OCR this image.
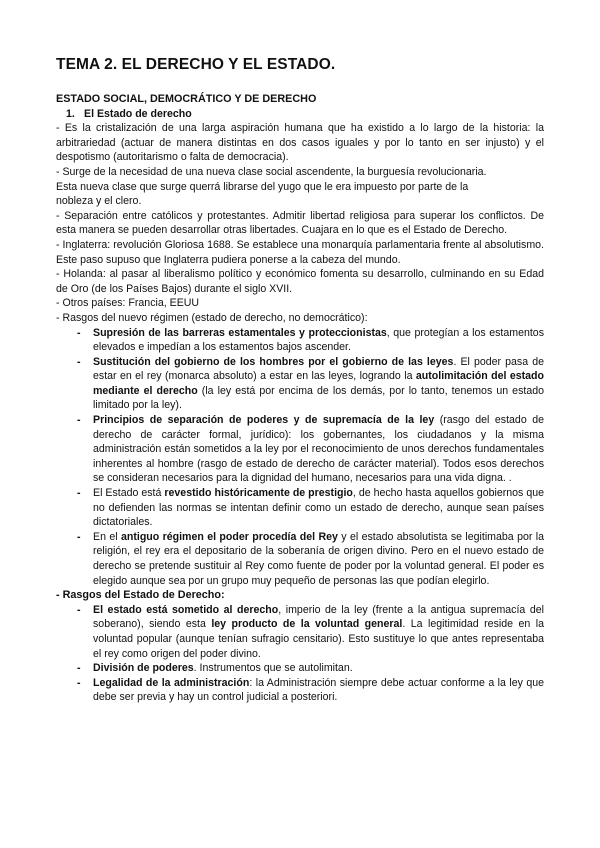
TEMA 2. EL DERECHO Y EL ESTADO.

ESTADO SOCIAL, DEMOCRÁTICO Y DE DERECHO

1. El Estado de derecho

- Es la cristalización de una larga aspiración humana que ha existido a lo largo de la historia: la arbitrariedad (actuar de manera distintas en dos casos iguales y por lo tanto en ser injusto) y el despotismo (autoritarismo o falta de democracia).

- Surge de la necesidad de una nueva clase social ascendente, la burguesía revolucionaria.

Esta nueva clase que surge querrá librarse del yugo que le era impuesto por parte de la

nobleza y el clero.

- Separación entre católicos y protestantes. Admitir libertad religiosa para superar los conflictos. De esta manera se pueden desarrollar otras libertades. Cuajara en lo que es el Estado de Derecho.

- Inglaterra: revolución Gloriosa 1688. Se establece una monarquía parlamentaria frente al absolutismo. Este paso supuso que Inglaterra pudiera ponerse a la cabeza del mundo.

- Holanda: al pasar al liberalismo político y económico fomenta su desarrollo, culminando en su Edad de Oro (de los Países Bajos) durante el siglo XVII.

- Otros países: Francia, EEUU

- Rasgos del nuevo régimen (estado de derecho, no democrático):

- Supresión de las barreras estamentales y proteccionistas, que protegían a los estamentos elevados e impedían a los estamentos bajos ascender.
- Sustitución del gobierno de los hombres por el gobierno de las leyes. El poder pasa de estar en el rey (monarca absoluto) a estar en las leyes, logrando la autolimitación del estado mediante el derecho (la ley está por encima de los demás, por lo tanto, tenemos un estado limitado por la ley).
- Principios de separación de poderes y de supremacía de la ley (rasgo del estado de derecho de carácter formal, jurídico): los gobernantes, los ciudadanos y la misma administración están sometidos a la ley por el reconocimiento de unos derechos fundamentales inherentes al hombre (rasgo de estado de derecho de carácter material). Todos esos derechos se consideran necesarios para la dignidad del humano, necesarios para una vida digna. .
- El Estado está revestido históricamente de prestigio, de hecho hasta aquellos gobiernos que no defienden las normas se intentan definir como un estado de derecho, aunque sean países dictatoriales.
- En el antiguo régimen el poder procedía del Rey y el estado absolutista se legitimaba por la religión, el rey era el depositario de la soberanía de origen divino. Pero en el nuevo estado de derecho se pretende sustituir al Rey como fuente de poder por la voluntad general. El poder es elegido aunque sea por un grupo muy pequeño de personas las que podían elegirlo.

- Rasgos del Estado de Derecho:

- El estado está sometido al derecho, imperio de la ley (frente a la antigua supremacía del soberano), siendo esta ley producto de la voluntad general. La legitimidad reside en la voluntad popular (aunque tenían sufragio censitario). Esto sustituye lo que antes representaba el rey como origen del poder divino.
- División de poderes. Instrumentos que se autolimitan.
- Legalidad de la administración: la Administración siempre debe actuar conforme a la ley que debe ser previa y hay un control judicial a posteriori.
